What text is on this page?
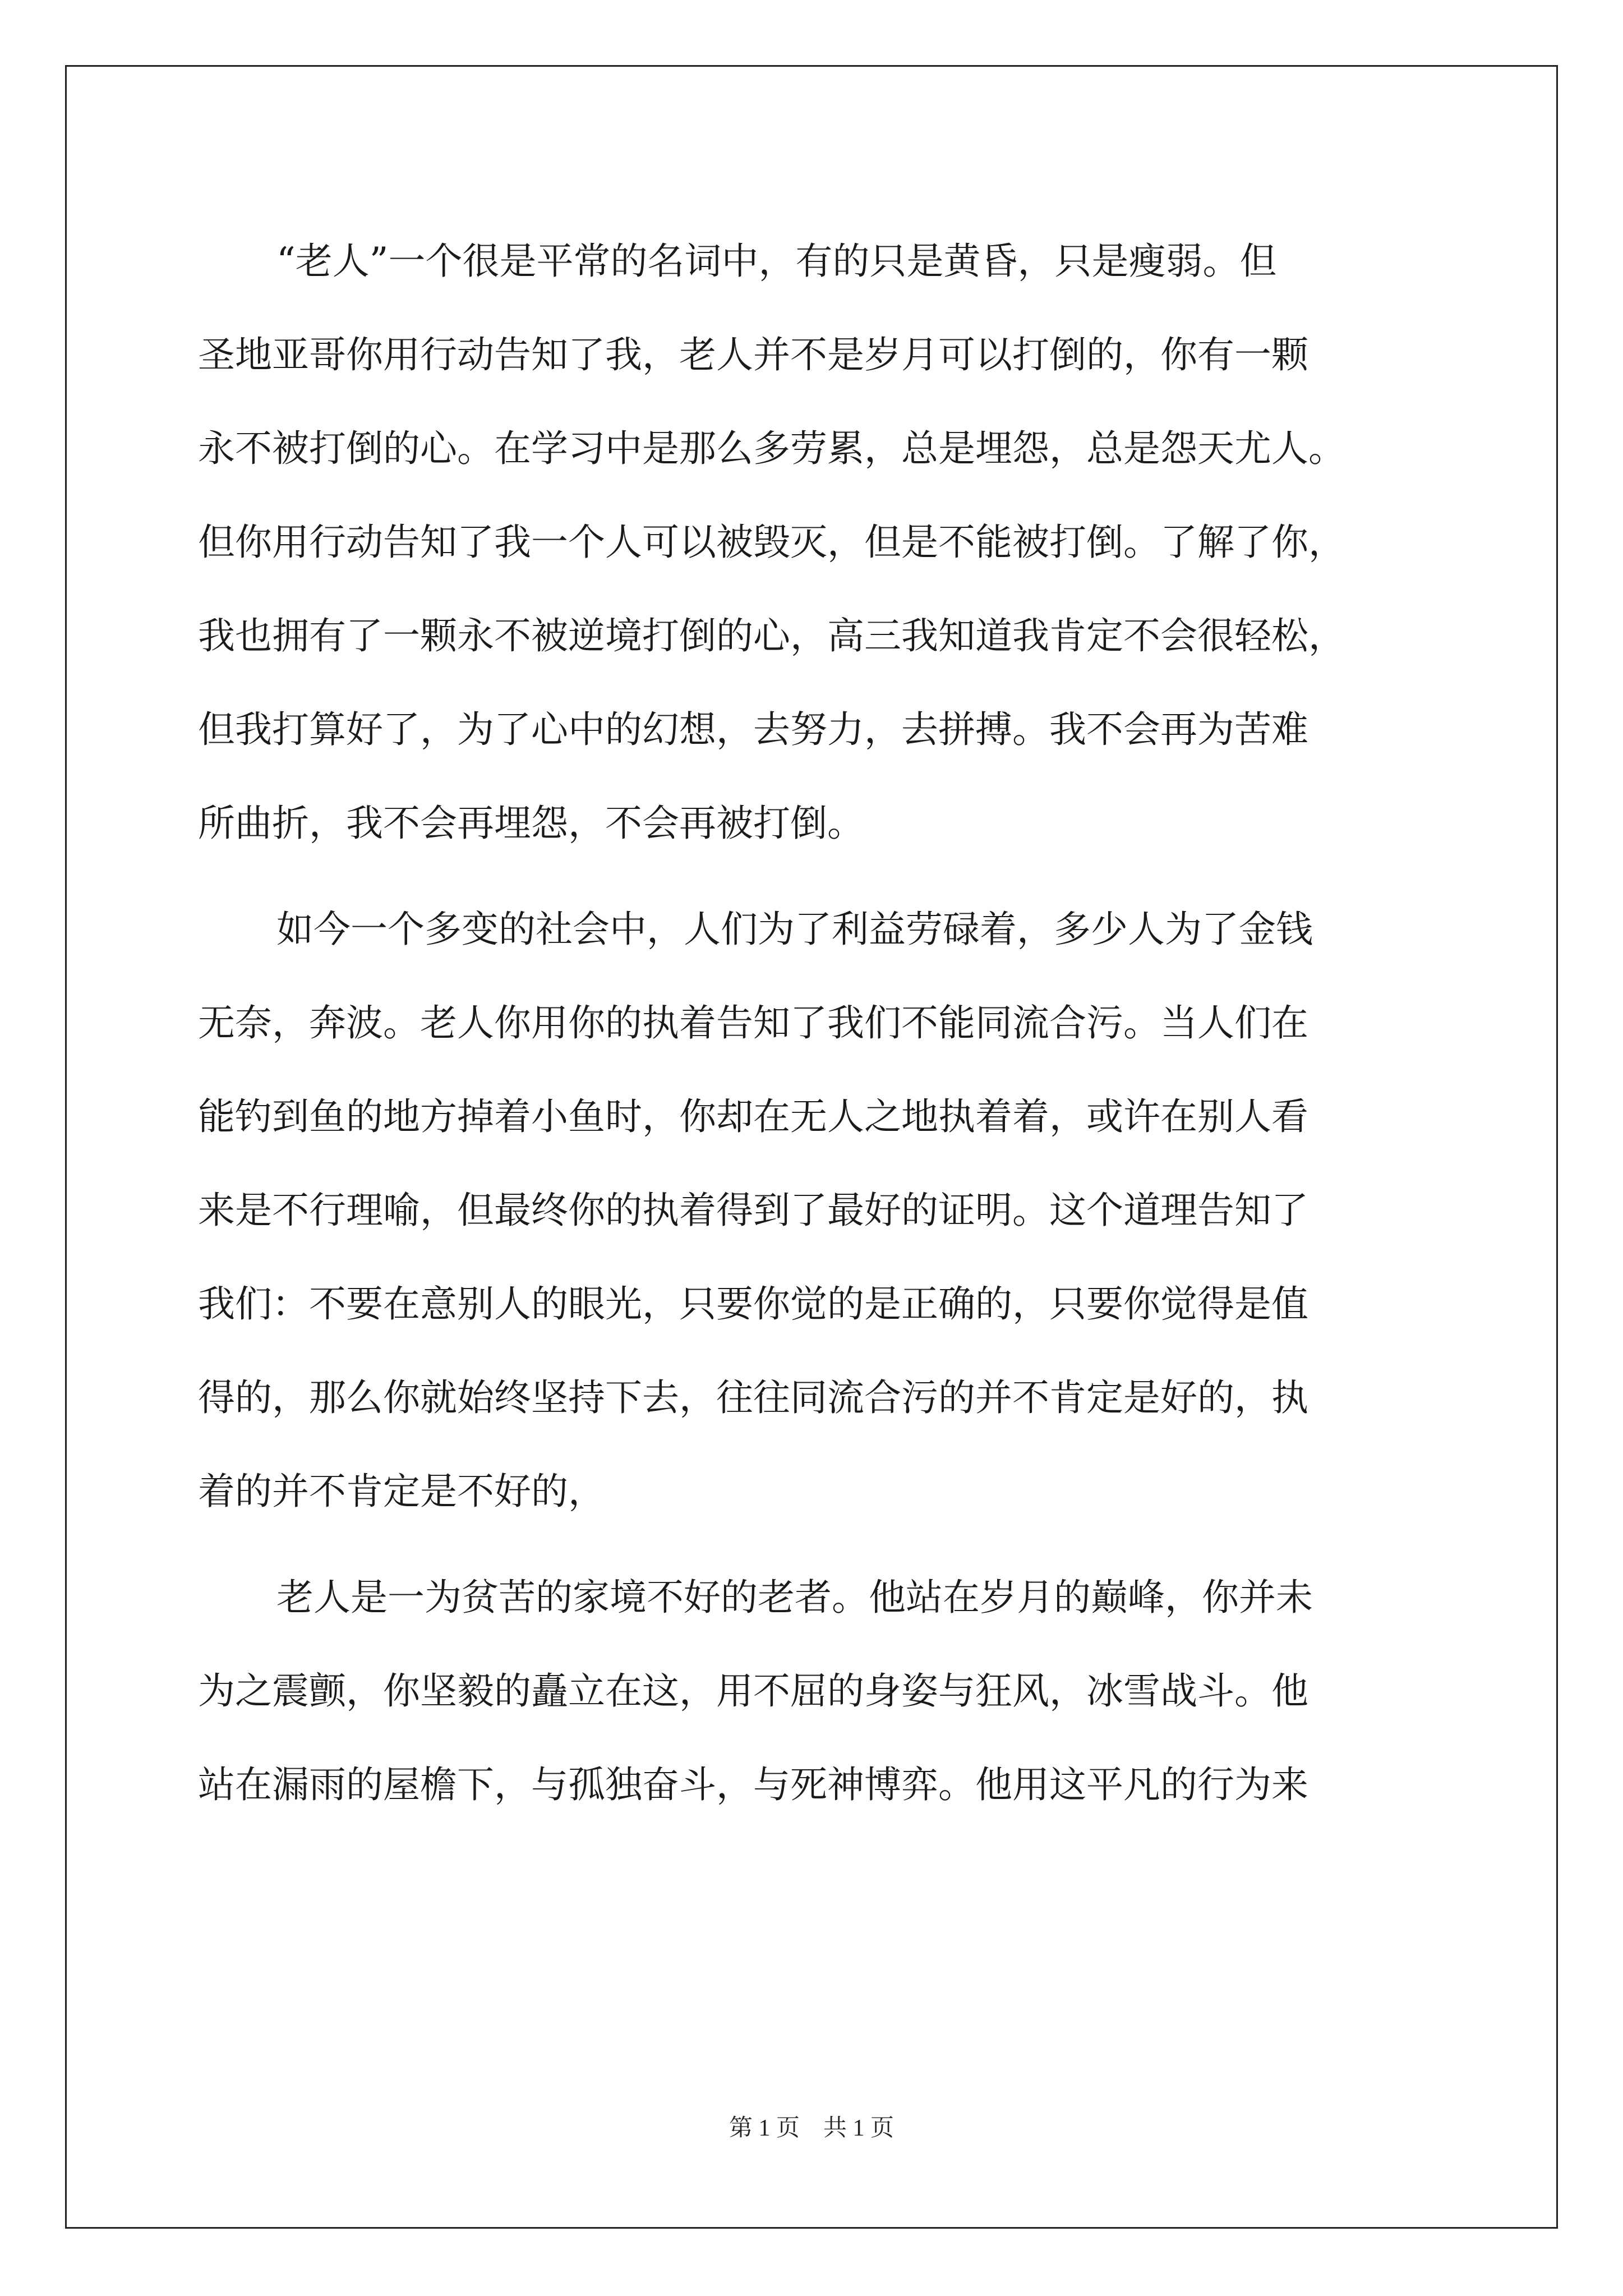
“老人”一个很是平常的名词中，有的只是黄昏，只是瘦弱。但
圣地亚哥你用行动告知了我，老人并不是岁月可以打倒的，你有一颗
永不被打倒的心。在学习中是那么多劳累，总是埋怨，总是怨天尤人。
但你用行动告知了我一个人可以被毁灭，但是不能被打倒。了解了你，
我也拥有了一颗永不被逆境打倒的心，高三我知道我肯定不会很轻松，
但我打算好了，为了心中的幻想，去努力，去拼搏。我不会再为苦难
所曲折，我不会再埋怨，不会再被打倒。
如今一个多变的社会中，人们为了利益劳碌着，多少人为了金钱
无奈，奔波。老人你用你的执着告知了我们不能同流合污。当人们在
能钓到鱼的地方掉着小鱼时，你却在无人之地执着着，或许在别人看
来是不行理喻，但最终你的执着得到了最好的证明。这个道理告知了
我们：不要在意别人的眼光，只要你觉的是正确的，只要你觉得是值
得的，那么你就始终坚持下去，往往同流合污的并不肯定是好的，执
着的并不肯定是不好的，
老人是一为贫苦的家境不好的老者。他站在岁月的巅峰，你并未
为之震颤，你坚毅的矗立在这，用不屈的身姿与狂风，冰雪战斗。他
站在漏雨的屋檐下，与孤独奋斗，与死神博弈。他用这平凡的行为来
第 1 页　共 1 页
